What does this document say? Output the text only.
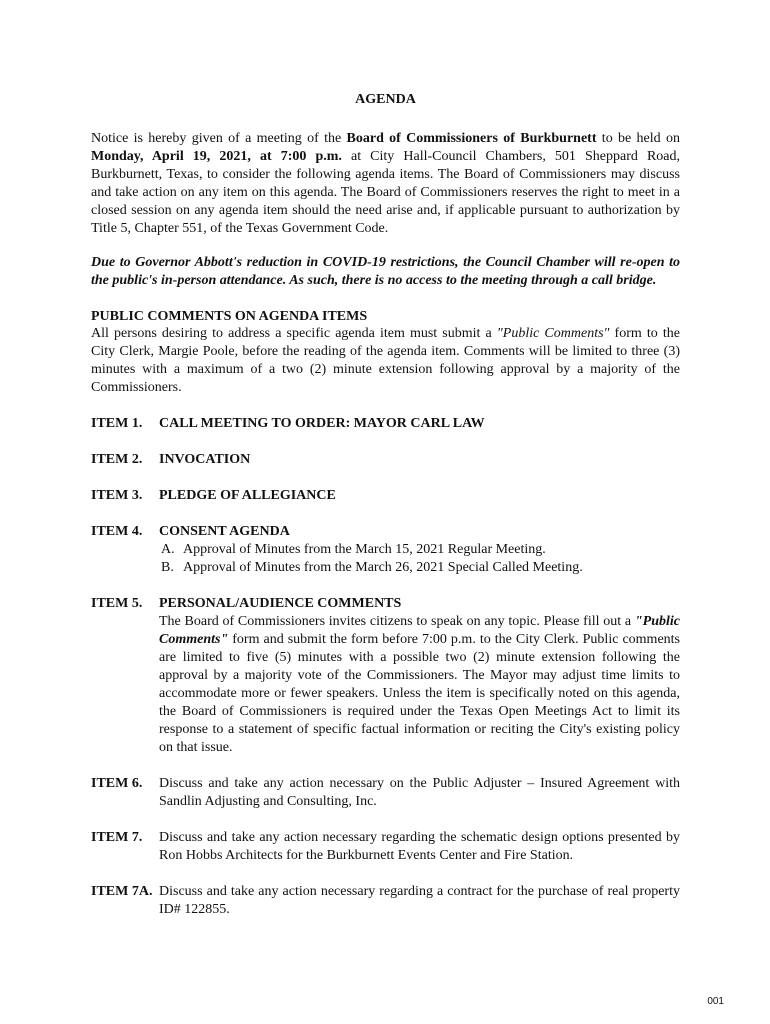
AGENDA

Notice is hereby given of a meeting of the Board of Commissioners of Burkburnett to be held on Monday, April 19, 2021, at 7:00 p.m. at City Hall-Council Chambers, 501 Sheppard Road, Burkburnett, Texas, to consider the following agenda items. The Board of Commissioners may discuss and take action on any item on this agenda. The Board of Commissioners reserves the right to meet in a closed session on any agenda item should the need arise and, if applicable pursuant to authorization by Title 5, Chapter 551, of the Texas Government Code.

Due to Governor Abbott's reduction in COVID-19 restrictions, the Council Chamber will re-open to the public's in-person attendance. As such, there is no access to the meeting through a call bridge.

PUBLIC COMMENTS ON AGENDA ITEMS

All persons desiring to address a specific agenda item must submit a "Public Comments" form to the City Clerk, Margie Poole, before the reading of the agenda item. Comments will be limited to three (3) minutes with a maximum of a two (2) minute extension following approval by a majority of the Commissioners.

ITEM 1.	CALL MEETING TO ORDER: MAYOR CARL LAW
ITEM 2.	INVOCATION
ITEM 3.	PLEDGE OF ALLEGIANCE
ITEM 4.	CONSENT AGENDA
A. Approval of Minutes from the March 15, 2021 Regular Meeting.
B. Approval of Minutes from the March 26, 2021 Special Called Meeting.
ITEM 5.	PERSONAL/AUDIENCE COMMENTS
The Board of Commissioners invites citizens to speak on any topic. Please fill out a "Public Comments" form and submit the form before 7:00 p.m. to the City Clerk. Public comments are limited to five (5) minutes with a possible two (2) minute extension following the approval by a majority vote of the Commissioners. The Mayor may adjust time limits to accommodate more or fewer speakers. Unless the item is specifically noted on this agenda, the Board of Commissioners is required under the Texas Open Meetings Act to limit its response to a statement of specific factual information or reciting the City's existing policy on that issue.
ITEM 6.	Discuss and take any action necessary on the Public Adjuster – Insured Agreement with Sandlin Adjusting and Consulting, Inc.
ITEM 7.	Discuss and take any action necessary regarding the schematic design options presented by Ron Hobbs Architects for the Burkburnett Events Center and Fire Station.
ITEM 7A. Discuss and take any action necessary regarding a contract for the purchase of real property ID# 122855.
001
